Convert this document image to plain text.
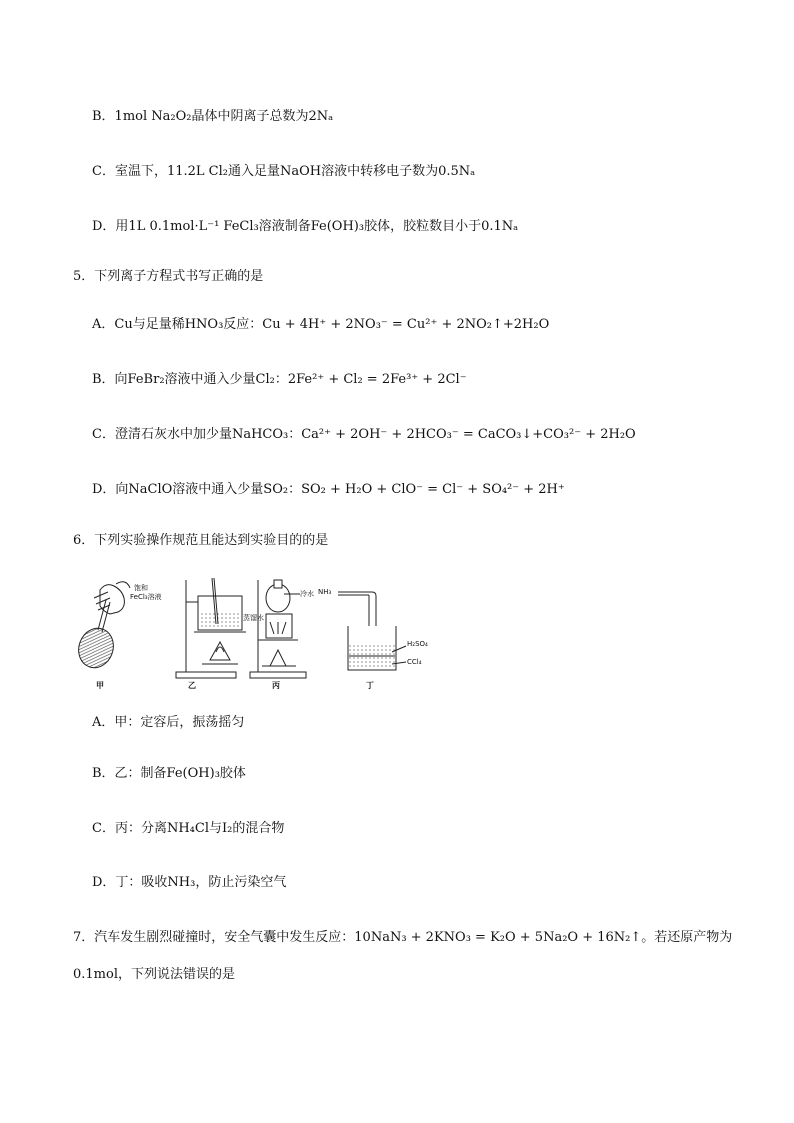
B．1mol Na₂O₂晶体中阴离子总数为2Nₐ
C．室温下，11.2L Cl₂通入足量NaOH溶液中转移电子数为0.5Nₐ
D．用1L 0.1mol·L⁻¹ FeCl₃溶液制备Fe(OH)₃胶体，胶粒数目小于0.1Nₐ
5．下列离子方程式书写正确的是
A．Cu与足量稀HNO₃反应：Cu + 4H⁺ + 2NO₃⁻ = Cu²⁺ + 2NO₂↑+2H₂O
B．向FeBr₂溶液中通入少量Cl₂：2Fe²⁺ + Cl₂ = 2Fe³⁺ + 2Cl⁻
C．澄清石灰水中加少量NaHCO₃：Ca²⁺ + 2OH⁻ + 2HCO₃⁻ = CaCO₃↓+CO₃²⁻ + 2H₂O
D．向NaClO溶液中通入少量SO₂：SO₂ + H₂O + ClO⁻ = Cl⁻ + SO₄²⁻ + 2H⁺
6．下列实验操作规范且能达到实验目的的是
饱和
FeCl₃溶液
蒸馏水
冷水 NH₃
H₂SO₄
CCl₄
甲	乙	丙	丁
A．甲：定容后，振荡摇匀
B．乙：制备Fe(OH)₃胶体
C．丙：分离NH₄Cl与I₂的混合物
D．丁：吸收NH₃，防止污染空气
7．汽车发生剧烈碰撞时，安全气囊中发生反应：10NaN₃ + 2KNO₃ = K₂O + 5Na₂O + 16N₂↑。若还原产物为
0.1mol，下列说法错误的是
